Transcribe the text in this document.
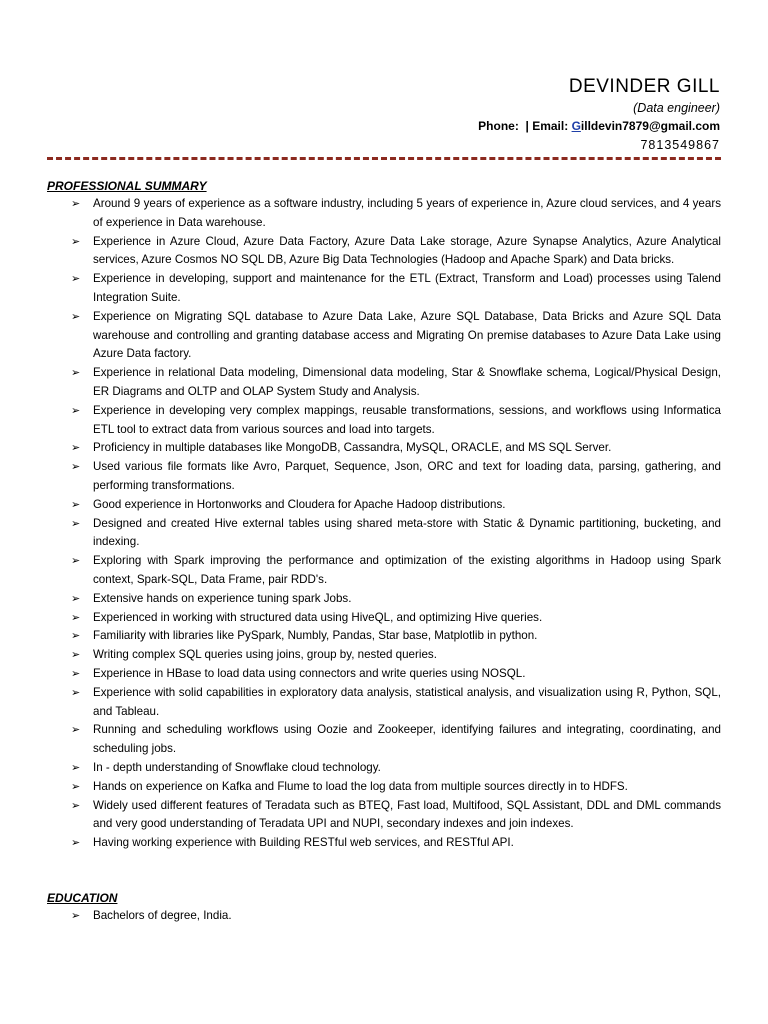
DEVINDER GILL
(Data engineer)
Phone: | Email: Gilldevin7879@gmail.com
7813549867
PROFESSIONAL SUMMARY
➢ Around 9 years of experience as a software industry, including 5 years of experience in, Azure cloud services, and 4 years of experience in Data warehouse.
➢ Experience in Azure Cloud, Azure Data Factory, Azure Data Lake storage, Azure Synapse Analytics, Azure Analytical services, Azure Cosmos NO SQL DB, Azure Big Data Technologies (Hadoop and Apache Spark) and Data bricks.
➢ Experience in developing, support and maintenance for the ETL (Extract, Transform and Load) processes using Talend Integration Suite.
➢ Experience on Migrating SQL database to Azure Data Lake, Azure SQL Database, Data Bricks and Azure SQL Data warehouse and controlling and granting database access and Migrating On premise databases to Azure Data Lake using Azure Data factory.
➢ Experience in relational Data modeling, Dimensional data modeling, Star & Snowflake schema, Logical/Physical Design, ER Diagrams and OLTP and OLAP System Study and Analysis.
➢ Experience in developing very complex mappings, reusable transformations, sessions, and workflows using Informatica ETL tool to extract data from various sources and load into targets.
➢ Proficiency in multiple databases like MongoDB, Cassandra, MySQL, ORACLE, and MS SQL Server.
➢ Used various file formats like Avro, Parquet, Sequence, Json, ORC and text for loading data, parsing, gathering, and performing transformations.
➢ Good experience in Hortonworks and Cloudera for Apache Hadoop distributions.
➢ Designed and created Hive external tables using shared meta-store with Static & Dynamic partitioning, bucketing, and indexing.
➢ Exploring with Spark improving the performance and optimization of the existing algorithms in Hadoop using Spark context, Spark-SQL, Data Frame, pair RDD's.
➢ Extensive hands on experience tuning spark Jobs.
➢ Experienced in working with structured data using HiveQL, and optimizing Hive queries.
➢ Familiarity with libraries like PySpark, Numbly, Pandas, Star base, Matplotlib in python.
➢ Writing complex SQL queries using joins, group by, nested queries.
➢ Experience in HBase to load data using connectors and write queries using NOSQL.
➢ Experience with solid capabilities in exploratory data analysis, statistical analysis, and visualization using R, Python, SQL, and Tableau.
➢ Running and scheduling workflows using Oozie and Zookeeper, identifying failures and integrating, coordinating, and scheduling jobs.
➢ In - depth understanding of Snowflake cloud technology.
➢ Hands on experience on Kafka and Flume to load the log data from multiple sources directly in to HDFS.
➢ Widely used different features of Teradata such as BTEQ, Fast load, Multifood, SQL Assistant, DDL and DML commands and very good understanding of Teradata UPI and NUPI, secondary indexes and join indexes.
➢ Having working experience with Building RESTful web services, and RESTful API.
EDUCATION
➢ Bachelors of degree, India.
